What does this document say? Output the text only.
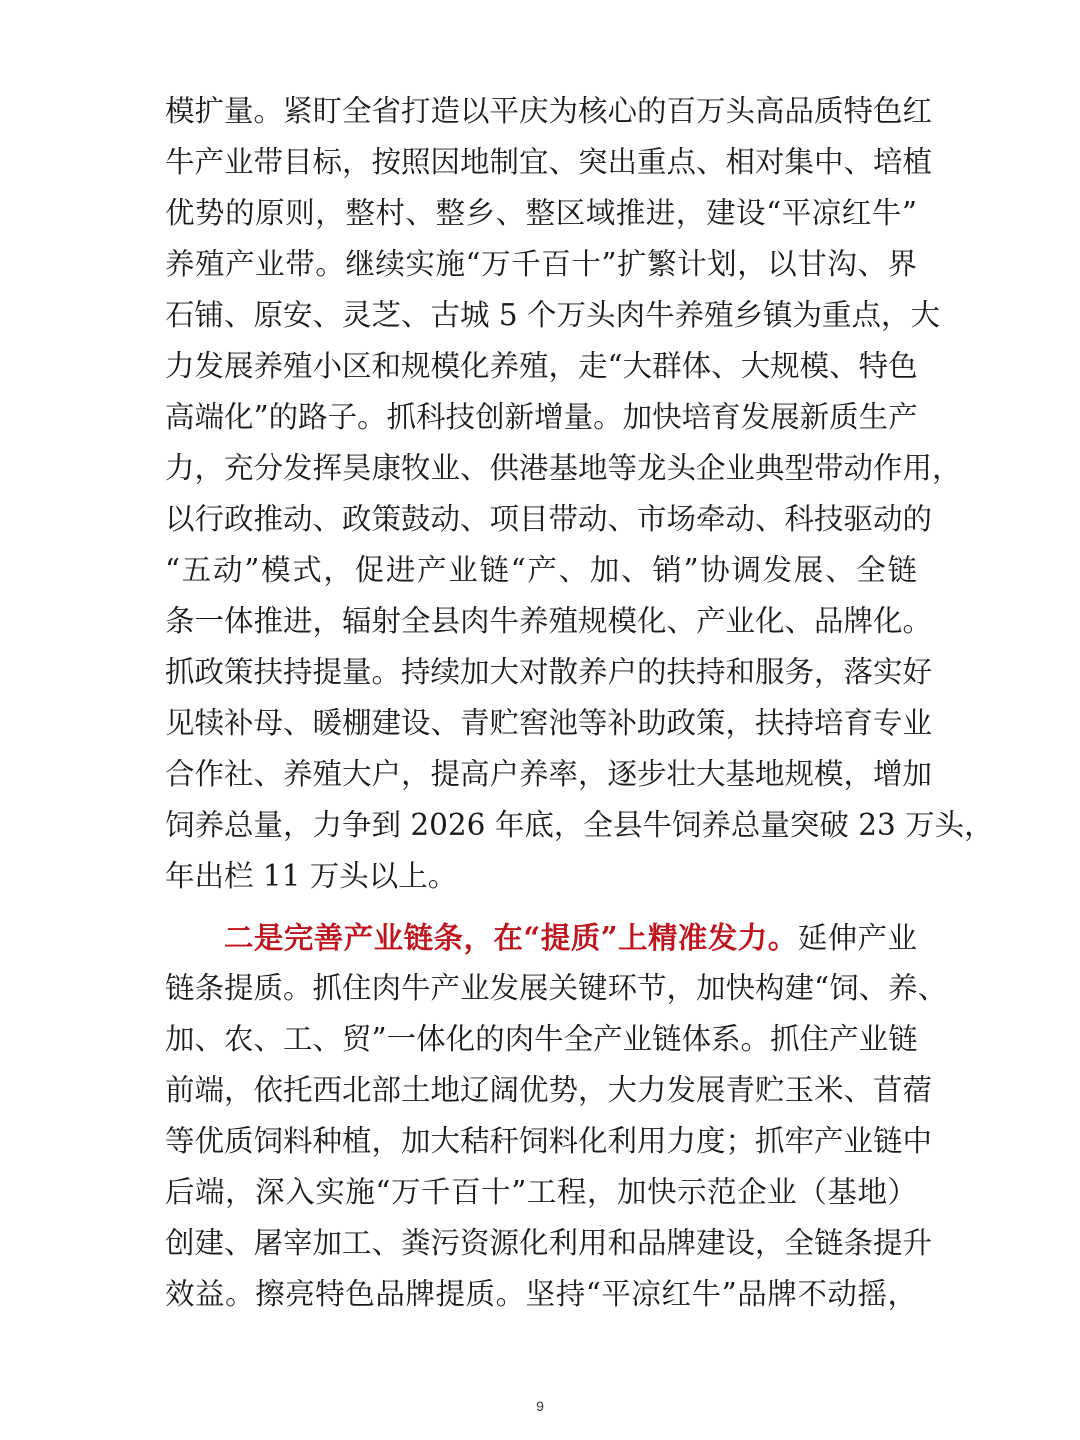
模扩量。紧盯全省打造以平庆为核心的百万头高品质特色红
牛产业带目标，按照因地制宜、突出重点、相对集中、培植
优势的原则，整村、整乡、整区域推进，建设“平凉红牛”
养殖产业带。继续实施“万千百十”扩繁计划，以甘沟、界
石铺、原安、灵芝、古城 5 个万头肉牛养殖乡镇为重点，大
力发展养殖小区和规模化养殖，走“大群体、大规模、特色
高端化”的路子。抓科技创新增量。加快培育发展新质生产
力，充分发挥昊康牧业、供港基地等龙头企业典型带动作用，
以行政推动、政策鼓动、项目带动、市场牵动、科技驱动的
“五动”模式，促进产业链“产、加、销”协调发展、全链
条一体推进，辐射全县肉牛养殖规模化、产业化、品牌化。
抓政策扶持提量。持续加大对散养户的扶持和服务，落实好
见犊补母、暖棚建设、青贮窖池等补助政策，扶持培育专业
合作社、养殖大户，提高户养率，逐步壮大基地规模，增加
饲养总量，力争到 2026 年底，全县牛饲养总量突破 23 万头，
年出栏 11 万头以上。
二是完善产业链条，在“提质”上精准发力。延伸产业
链条提质。抓住肉牛产业发展关键环节，加快构建“饲、养、
加、农、工、贸”一体化的肉牛全产业链体系。抓住产业链
前端，依托西北部土地辽阔优势，大力发展青贮玉米、苜蓿
等优质饲料种植，加大秸秆饲料化利用力度；抓牢产业链中
后端，深入实施“万千百十”工程，加快示范企业（基地）
创建、屠宰加工、粪污资源化利用和品牌建设，全链条提升
效益。擦亮特色品牌提质。坚持“平凉红牛”品牌不动摇，
9
